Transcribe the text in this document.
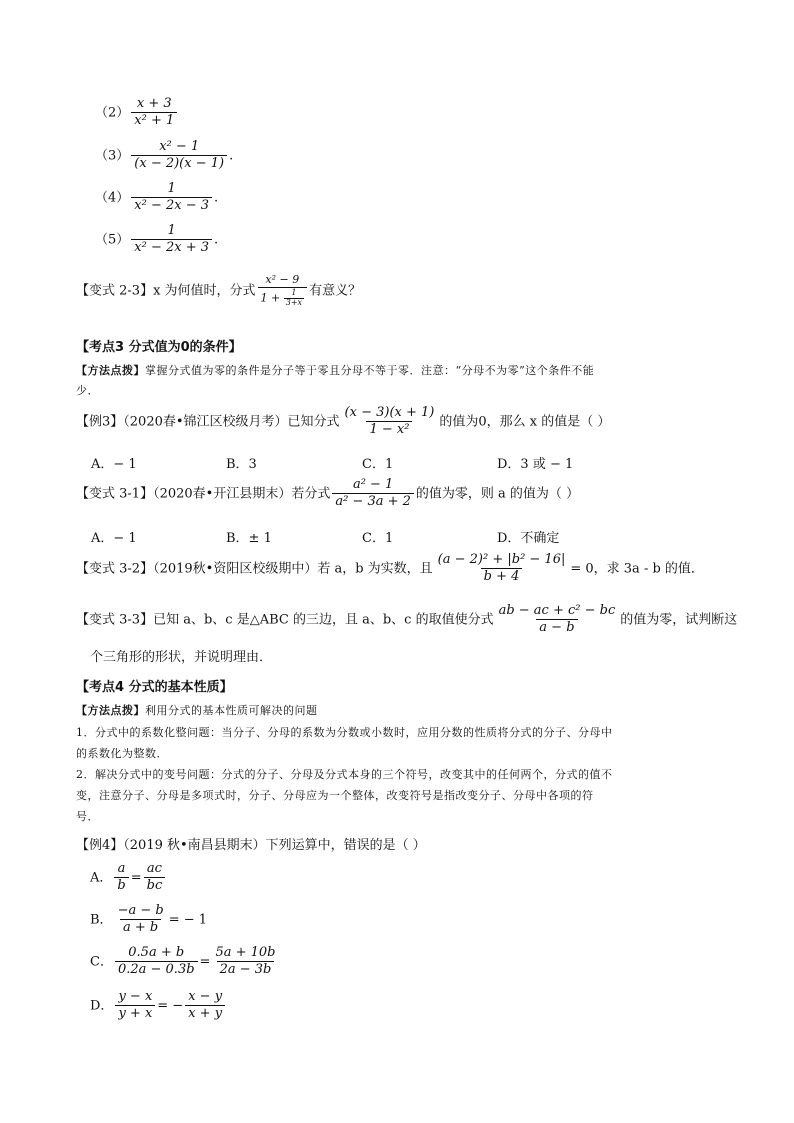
$(2) \frac{x + 3}{\text{x² + 1}}$
$(3) \frac{\text{x² − 1}}{(x - 2)(x - 1)}$ .
$(4) \frac{1}{\text{x² − 2x − 3}}$ .
$(5) \frac{1}{\text{x² − 2x + 3}}$ .
【变式 2-3】x 为何值时，分式 $\frac{\text{x² − 9}}{1 + \frac{1}{3+x}}$ 有意义？
【考点3 分式值为0的条件】
【方法点拨】掌握分式值为零的条件是分子等于零且分母不等于零．注意：“分母不为零”这个条件不能
少．
【例3】（2020春•锦江区校级月考）已知分式 $\frac{(x - 3)(x + 1)}{\text{1 − x²}}$ 的值为0，那么 x 的值是（ ）
A．− 1	B．3	C．1	D．3 或 − 1
【变式 3-1】（2020春•开江县期末）若分式 $\frac{\text{a² − 1}}{\text{a² − 3a + 2}}$ 的值为零，则 a 的值为（ ）
A．− 1	B．± 1	C．1	D．不确定
【变式 3-2】（2019秋•资阳区校级期中）若 a，b 为实数，且 $\frac{\text{(a − 2)² + |b² − 16|}}{b + 4} = 0$，求 3a - b 的值．
【变式 3-3】已知 a、b、c 是△ABC 的三边，且 a、b、c 的取值使分式 $\frac{\text{ab − ac + c² − bc}}{a - b}$ 的值为零，试判断这
个三角形的形状，并说明理由．
【考点4 分式的基本性质】
【方法点拨】利用分式的基本性质可解决的问题
1．分式中的系数化整问题：当分子、分母的系数为分数或小数时，应用分数的性质将分式的分子、分母中
的系数化为整数．
2．解决分式中的变号问题：分式的分子、分母及分式本身的三个符号，改变其中的任何两个，分式的值不
变，注意分子、分母是多项式时，分子、分母应为一个整体，改变符号是指改变分子、分母中各项的符
号．
【例4】（2019 秋•南昌县期末）下列运算中，错误的是（ ）
A． $\frac{a}{b} = \frac{ac}{bc}$
B． $\frac{-a - b}{a + b}$ = − 1
C． $\frac{0.5a + b}{0.2a - 0.3b} = \frac{5a + 10b}{2a - 3b}$
D． $\frac{y - x}{y + x}$ = − $\frac{x - y}{x + y}$
